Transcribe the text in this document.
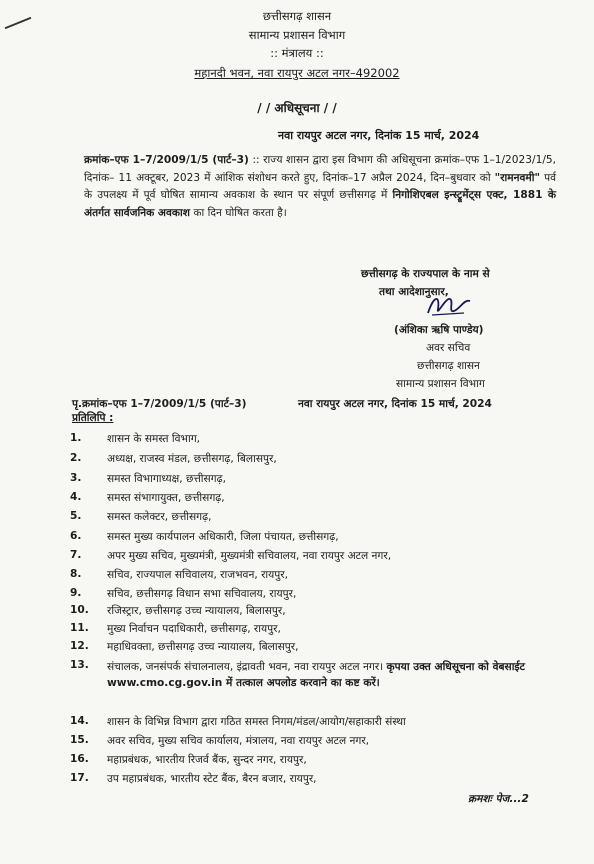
छत्तीसगढ़ शासन
सामान्य प्रशासन विभाग
:: मंत्रालय ::
महानदी भवन, नवा रायपुर अटल नगर–492002
/ / अधिसूचना / /
नवा रायपुर अटल नगर, दिनांक 15 मार्च, 2024
क्रमांक–एफ 1–7/2009/1/5 (पार्ट–3) :: राज्य शासन द्वारा इस विभाग की अधिसूचना क्रमांक–एफ 1–1/2023/1/5, दिनांक– 11 अक्टूबर, 2023 में आंशिक संशोधन करते हुए, दिनांक–17 अप्रैल 2024, दिन–बुधवार को "रामनवमी" पर्व के उपलक्ष्य में पूर्व घोषित सामान्य अवकाश के स्थान पर संपूर्ण छत्तीसगढ़ में निगोशिएबल इन्स्ट्रूमेंट्स एक्ट, 1881 के अंतर्गत सार्वजनिक अवकाश का दिन घोषित करता है।
छत्तीसगढ़ के राज्यपाल के नाम से
तथा आदेशानुसार,
(अंशिका ऋषि पाण्डेय)
अवर सचिव
छत्तीसगढ़ शासन
सामान्य प्रशासन विभाग
पृ.क्रमांक–एफ 1–7/2009/1/5 (पार्ट–3)	नवा रायपुर अटल नगर, दिनांक 15 मार्च, 2024
प्रतिलिपि :
1. शासन के समस्त विभाग,
2. अध्यक्ष, राजस्व मंडल, छत्तीसगढ़, बिलासपुर,
3. समस्त विभागाध्यक्ष, छत्तीसगढ़,
4. समस्त संभागायुक्त, छत्तीसगढ़,
5. समस्त कलेक्टर, छत्तीसगढ़,
6. समस्त मुख्य कार्यपालन अधिकारी, जिला पंचायत, छत्तीसगढ़,
7. अपर मुख्य सचिव, मुख्यमंत्री, मुख्यमंत्री सचिवालय, नवा रायपुर अटल नगर,
8. सचिव, राज्यपाल सचिवालय, राजभवन, रायपुर,
9. सचिव, छत्तीसगढ़ विधान सभा सचिवालय, रायपुर,
10. रजिस्ट्रार, छत्तीसगढ़ उच्च न्यायालय, बिलासपुर,
11. मुख्य निर्वाचन पदाधिकारी, छत्तीसगढ़, रायपुर,
12. महाधिवक्ता, छत्तीसगढ़ उच्च न्यायालय, बिलासपुर,
13. संचालक, जनसंपर्क संचालनालय, इंद्रावती भवन, नवा रायपुर अटल नगर। कृपया उक्त अधिसूचना को वेबसाईट www.cmo.cg.gov.in में तत्काल अपलोड करवाने का कष्ट करें।
14. शासन के विभिन्न विभाग द्वारा गठित समस्त निगम/मंडल/आयोग/सहाकारी संस्था
15. अवर सचिव, मुख्य सचिव कार्यालय, मंत्रालय, नवा रायपुर अटल नगर,
16. महाप्रबंधक, भारतीय रिजर्व बैंक, सुन्दर नगर, रायपुर,
17. उप महाप्रबंधक, भारतीय स्टेट बैंक, बैरन बजार, रायपुर,
क्रमशः पेज...2
